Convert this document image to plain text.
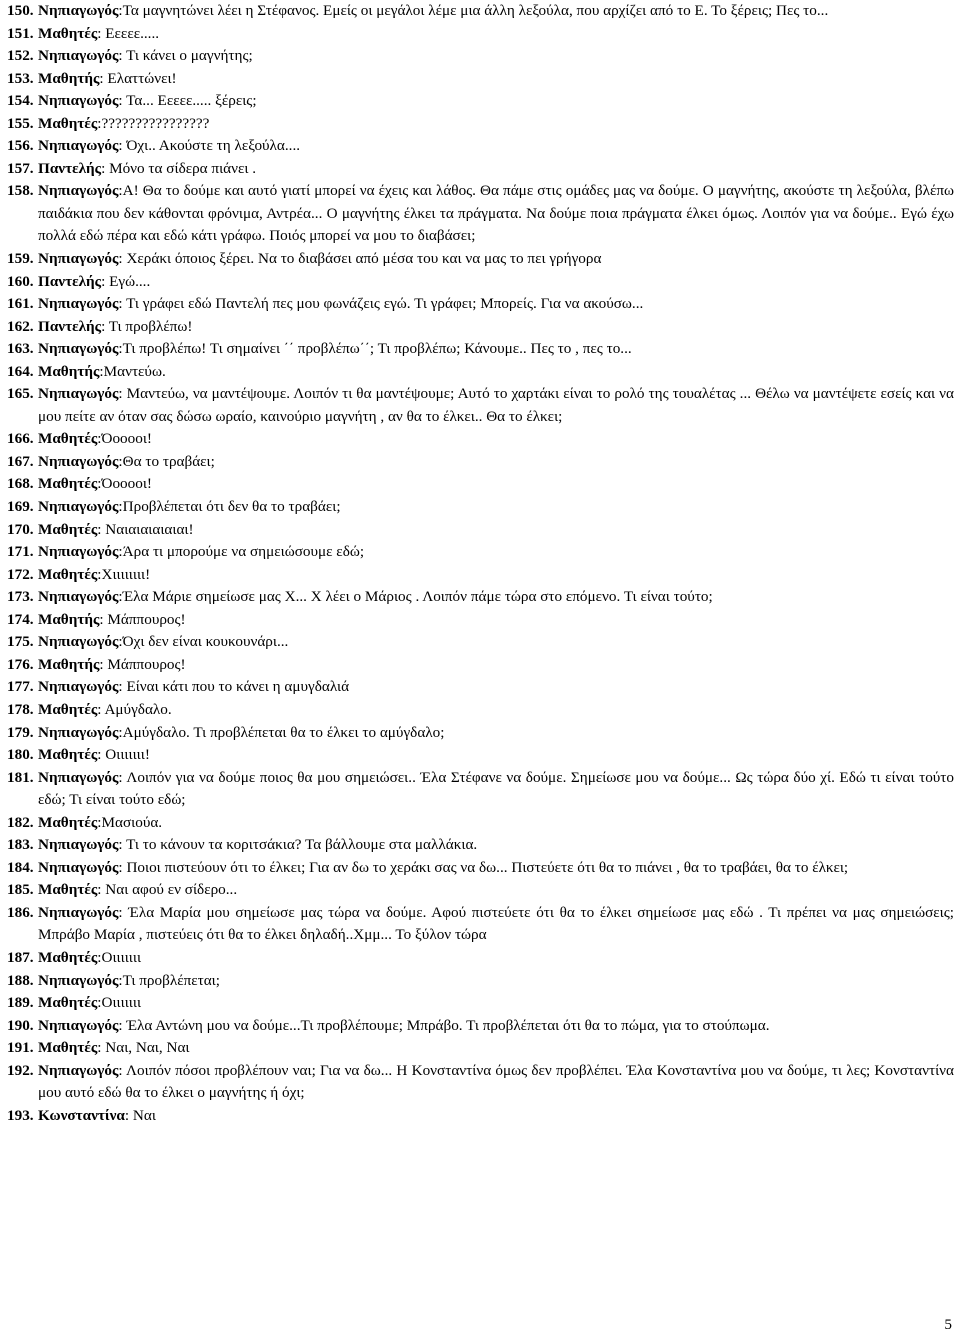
150. Νηπιαγωγός:Τα μαγνητώνει λέει η Στέφανος. Εμείς οι μεγάλοι λέμε μια άλλη λεξούλα, που αρχίζει από το Ε. Το ξέρεις; Πες το...
151. Μαθητές: Εεεεε.....
152. Νηπιαγωγός: Τι κάνει ο μαγνήτης;
153. Μαθητής: Ελαττώνει!
154. Νηπιαγωγός: Τα... Εεεεε..... ξέρεις;
155. Μαθητές:????????????????
156. Νηπιαγωγός: Όχι.. Ακούστε τη λεξούλα....
157. Παντελής: Μόνο τα σίδερα πιάνει .
158. Νηπιαγωγός:Α! Θα το δούμε και αυτό γιατί μπορεί να έχεις και λάθος. Θα πάμε στις ομάδες μας να δούμε. Ο μαγνήτης, ακούστε τη λεξούλα, βλέπω παιδάκια που δεν κάθονται φρόνιμα, Αντρέα... Ο μαγνήτης έλκει τα πράγματα. Να δούμε ποια πράγματα έλκει όμως. Λοιπόν για να δούμε.. Εγώ έχω πολλά εδώ πέρα και εδώ κάτι γράφω. Ποιός μπορεί να μου το διαβάσει;
159. Νηπιαγωγός: Χεράκι όποιος ξέρει. Να το διαβάσει από μέσα του και να μας το πει γρήγορα
160. Παντελής: Εγώ....
161. Νηπιαγωγός: Τι γράφει εδώ Παντελή πες μου φωνάζεις εγώ. Τι γράφει; Μπορείς. Για να ακούσω...
162. Παντελής: Τι προβλέπω!
163. Νηπιαγωγός:Τι προβλέπω! Τι σημαίνει ΄΄ προβλέπω΄΄; Τι προβλέπω; Κάνουμε.. Πες το , πες το...
164. Μαθητής:Μαντεύω.
165. Νηπιαγωγός: Μαντεύω, να μαντέψουμε. Λοιπόν τι θα μαντέψουμε; Αυτό το χαρτάκι είναι το ρολό της τουαλέτας ... Θέλω να μαντέψετε εσείς και να μου πείτε αν όταν σας δώσω ωραίο, καινούριο μαγνήτη , αν θα το έλκει.. Θα το έλκει;
166. Μαθητές:Όοοοοι!
167. Νηπιαγωγός:Θα το τραβάει;
168. Μαθητές:Όοοοοι!
169. Νηπιαγωγός:Προβλέπεται ότι δεν θα το τραβάει;
170. Μαθητές: Ναιαιαιαιαιαι!
171. Νηπιαγωγός:Άρα τι μπορούμε να σημειώσουμε εδώ;
172. Μαθητές:Χιιιιιιιι!
173. Νηπιαγωγός:Έλα Μάριε σημείωσε μας Χ... Χ λέει ο Μάριος . Λοιπόν πάμε τώρα στο επόμενο. Τι είναι τούτο;
174. Μαθητής: Μάππουρος!
175. Νηπιαγωγός:Όχι δεν είναι κουκουνάρι...
176. Μαθητής: Μάππουρος!
177. Νηπιαγωγός: Είναι κάτι που το κάνει η αμυγδαλιά
178. Μαθητές: Αμύγδαλο.
179. Νηπιαγωγός:Αμύγδαλο. Τι προβλέπεται θα το έλκει το αμύγδαλο;
180. Μαθητές: Οιιιιιιι!
181. Νηπιαγωγός: Λοιπόν για να δούμε ποιος θα μου σημειώσει.. Έλα Στέφανε να δούμε. Σημείωσε μου να δούμε... Ως τώρα δύο χί. Εδώ τι είναι τούτο εδώ; Τι είναι τούτο εδώ;
182. Μαθητές:Μασιούα.
183. Νηπιαγωγός: Τι το κάνουν τα κοριτσάκια? Τα βάλλουμε στα μαλλάκια.
184. Νηπιαγωγός: Ποιοι πιστεύουν ότι το έλκει; Για αν δω το χεράκι σας να δω... Πιστεύετε ότι θα το πιάνει , θα το τραβάει, θα το έλκει;
185. Μαθητές: Ναι αφού εν σίδερο...
186. Νηπιαγωγός: Έλα Μαρία μου σημείωσε μας τώρα να δούμε. Αφού πιστεύετε ότι θα το έλκει σημείωσε μας εδώ . Τι πρέπει να μας σημειώσεις; Μπράβο Μαρία , πιστεύεις ότι θα το έλκει δηλαδή..Χμμ... Το ξύλον τώρα
187. Μαθητές:Οιιιιιιι
188. Νηπιαγωγός:Τι προβλέπεται;
189. Μαθητές:Οιιιιιιι
190. Νηπιαγωγός: Έλα Αντώνη μου να δούμε...Τι προβλέπουμε; Μπράβο. Τι προβλέπεται ότι θα το πώμα, για το στούπωμα.
191. Μαθητές: Ναι, Ναι, Ναι
192. Νηπιαγωγός: Λοιπόν πόσοι προβλέπουν ναι; Για να δω... Η Κονσταντίνα όμως δεν προβλέπει. Έλα Κονσταντίνα μου να δούμε, τι λες; Κονσταντίνα μου αυτό εδώ θα το έλκει ο μαγνήτης ή όχι;
193. Κωνσταντίνα: Ναι
5
